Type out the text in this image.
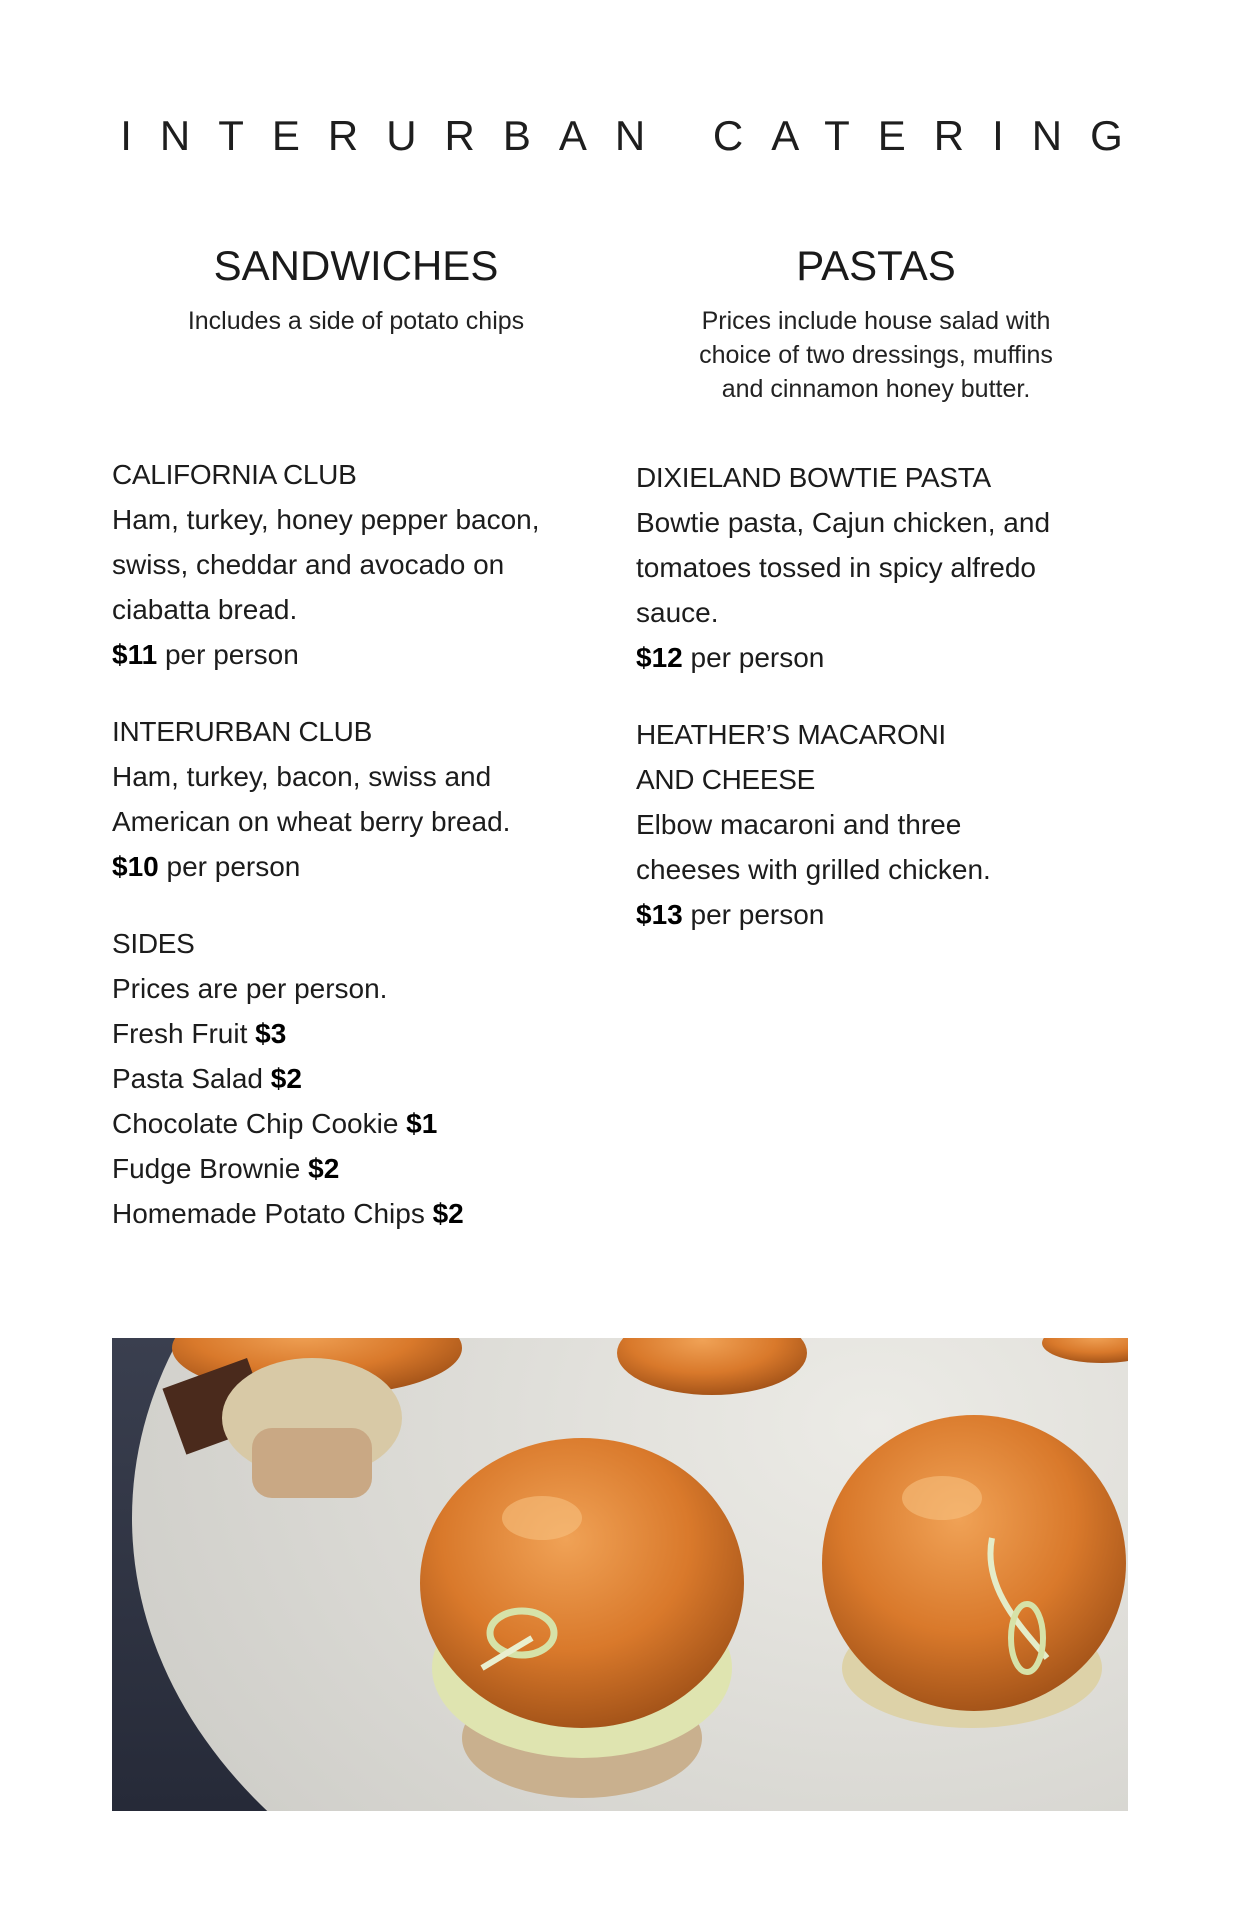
INTERURBAN CATERING
SANDWICHES
Includes a side of potato chips
CALIFORNIA CLUB
Ham, turkey, honey pepper bacon,
swiss, cheddar and avocado on
ciabatta bread.
$11 per person
INTERURBAN CLUB
Ham, turkey, bacon, swiss and
American on wheat berry bread.
$10 per person
SIDES
Prices are per person.
Fresh Fruit $3
Pasta Salad $2
Chocolate Chip Cookie $1
Fudge Brownie $2
Homemade Potato Chips $2
PASTAS
Prices include house salad with
choice of two dressings, muffins
and cinnamon honey butter.
DIXIELAND BOWTIE PASTA
Bowtie pasta, Cajun chicken, and
tomatoes tossed in spicy alfredo
sauce.
$12 per person
HEATHER’S MACARONI
AND CHEESE
Elbow macaroni and three
cheeses with grilled chicken.
$13 per person
